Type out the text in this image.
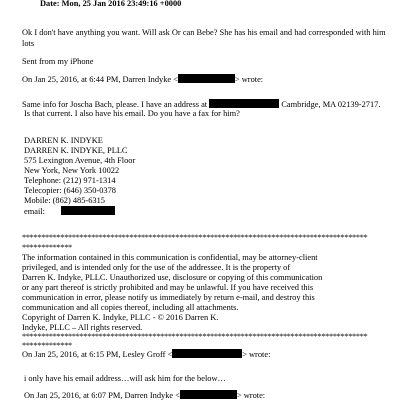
Date: Mon, 25 Jan 2016 23:49:16 +0000
Ok I don't have anything you want. Will ask Or can Bebe? She has his email and had corresponded with him
lots
Sent from my iPhone
On Jan 25, 2016, at 6:44 PM, Darren Indyke <	> wrote:
Same info for Joscha Bach, please. I have an address at	Cambridge, MA 02139-2717.
Is that current. I also have his email. Do you have a fax for him?
DARREN K. INDYKE
DARREN K. INDYKE, PLLC
575 Lexington Avenue, 4th Floor
New York, New York 10022
Telephone: (212) 971-1314
Telecopier: (646) 350-0378
Mobile: (862) 485-6315
email:
******************************************************************************************
*************
The information contained in this communication is confidential, may be attorney-client
privileged, and is intended only for the use of the addressee. It is the property of
Darren K. Indyke, PLLC. Unauthorized use, disclosure or copying of this communication
or any part thereof is strictly prohibited and may be unlawful. If you have received this
communication in error, please notify us immediately by return e-mail, and destroy this
communication and all copies thereof, including all attachments.
Copyright of Darren K. Indyke, PLLC - © 2016 Darren K.
Indyke, PLLC – All rights reserved.
******************************************************************************************
*************
On Jan 25, 2016, at 6:15 PM, Lesley Groff <	> wrote:
i only have his email address…will ask him for the below…
On Jan 25, 2016, at 6:07 PM, Darren Indyke <	> wrote:
